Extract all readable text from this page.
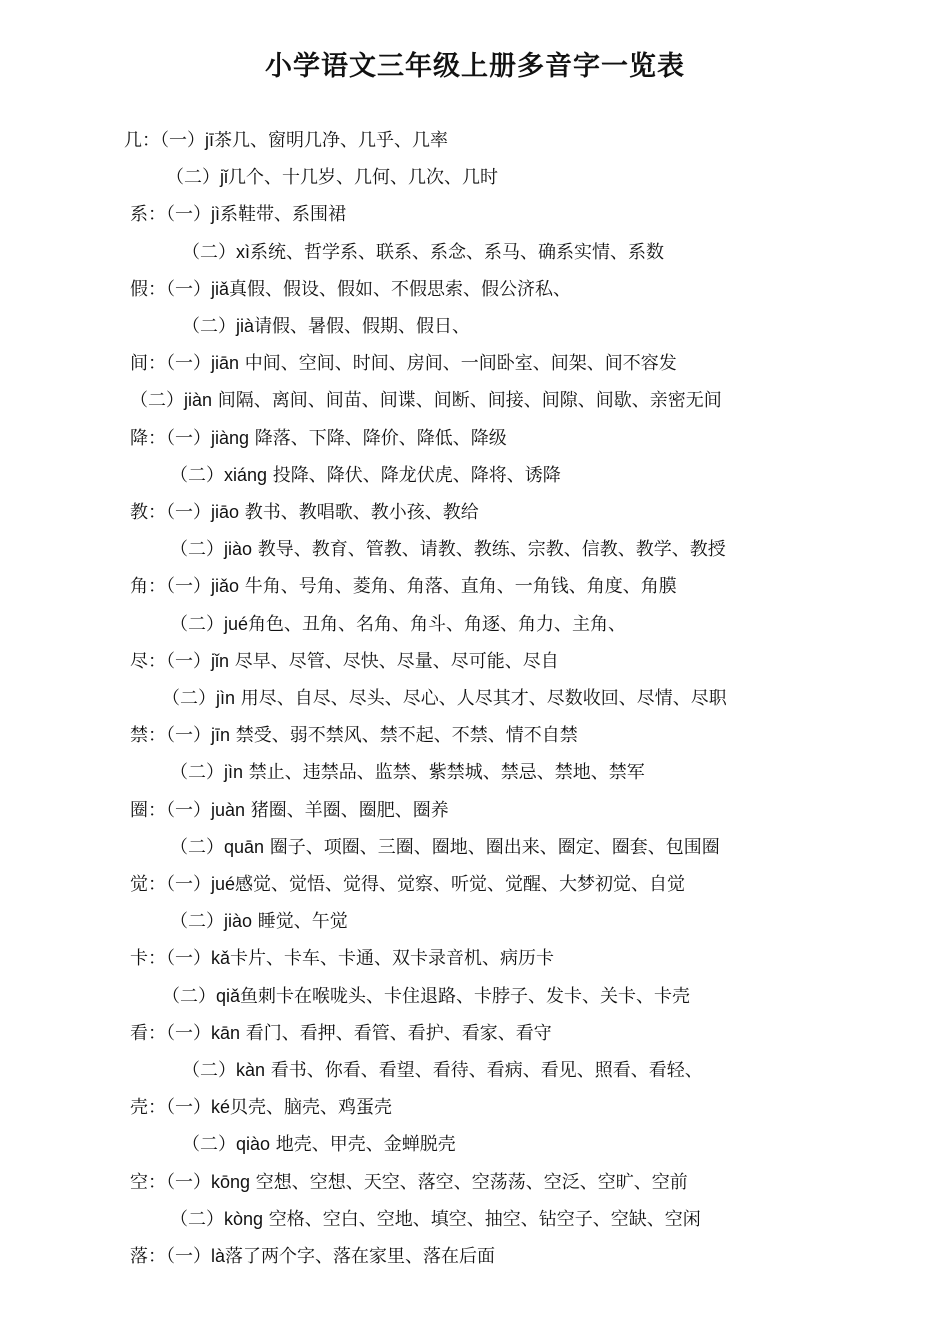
小学语文三年级上册多音字一览表
几：（一）jī茶几、窗明几净、几乎、几率
（二）jǐ几个、十几岁、几何、几次、几时
系：（一）jì系鞋带、系围裙
（二）xì系统、哲学系、联系、系念、系马、确系实情、系数
假：（一）jiǎ真假、假设、假如、不假思索、假公济私、
（二）jià请假、暑假、假期、假日、
间：（一）jiān 中间、空间、时间、房间、一间卧室、间架、间不容发
（二）jiàn 间隔、离间、间苗、间谍、间断、间接、间隙、间歇、亲密无间
降：（一）jiàng 降落、下降、降价、降低、降级
（二）xiáng 投降、降伏、降龙伏虎、降将、诱降
教：（一）jiāo 教书、教唱歌、教小孩、教给
（二）jiào 教导、教育、管教、请教、教练、宗教、信教、教学、教授
角：（一）jiǎo 牛角、号角、菱角、角落、直角、一角钱、角度、角膜
（二）jué角色、丑角、名角、角斗、角逐、角力、主角、
尽：（一）jǐn 尽早、尽管、尽快、尽量、尽可能、尽自
（二）jìn 用尽、自尽、尽头、尽心、人尽其才、尽数收回、尽情、尽职
禁：（一）jīn 禁受、弱不禁风、禁不起、不禁、情不自禁
（二）jìn 禁止、违禁品、监禁、紫禁城、禁忌、禁地、禁军
圈：（一）juàn 猪圈、羊圈、圈肥、圈养
（二）quān 圈子、项圈、三圈、圈地、圈出来、圈定、圈套、包围圈
觉：（一）jué感觉、觉悟、觉得、觉察、听觉、觉醒、大梦初觉、自觉
（二）jiào 睡觉、午觉
卡：（一）kǎ卡片、卡车、卡通、双卡录音机、病历卡
（二）qiǎ鱼刺卡在喉咙头、卡住退路、卡脖子、发卡、关卡、卡壳
看：（一）kān 看门、看押、看管、看护、看家、看守
（二）kàn 看书、你看、看望、看待、看病、看见、照看、看轻、
壳：（一）ké贝壳、脑壳、鸡蛋壳
（二）qiào 地壳、甲壳、金蝉脱壳
空：（一）kōng 空想、空想、天空、落空、空荡荡、空泛、空旷、空前
（二）kòng 空格、空白、空地、填空、抽空、钻空子、空缺、空闲
落：（一）là落了两个字、落在家里、落在后面
